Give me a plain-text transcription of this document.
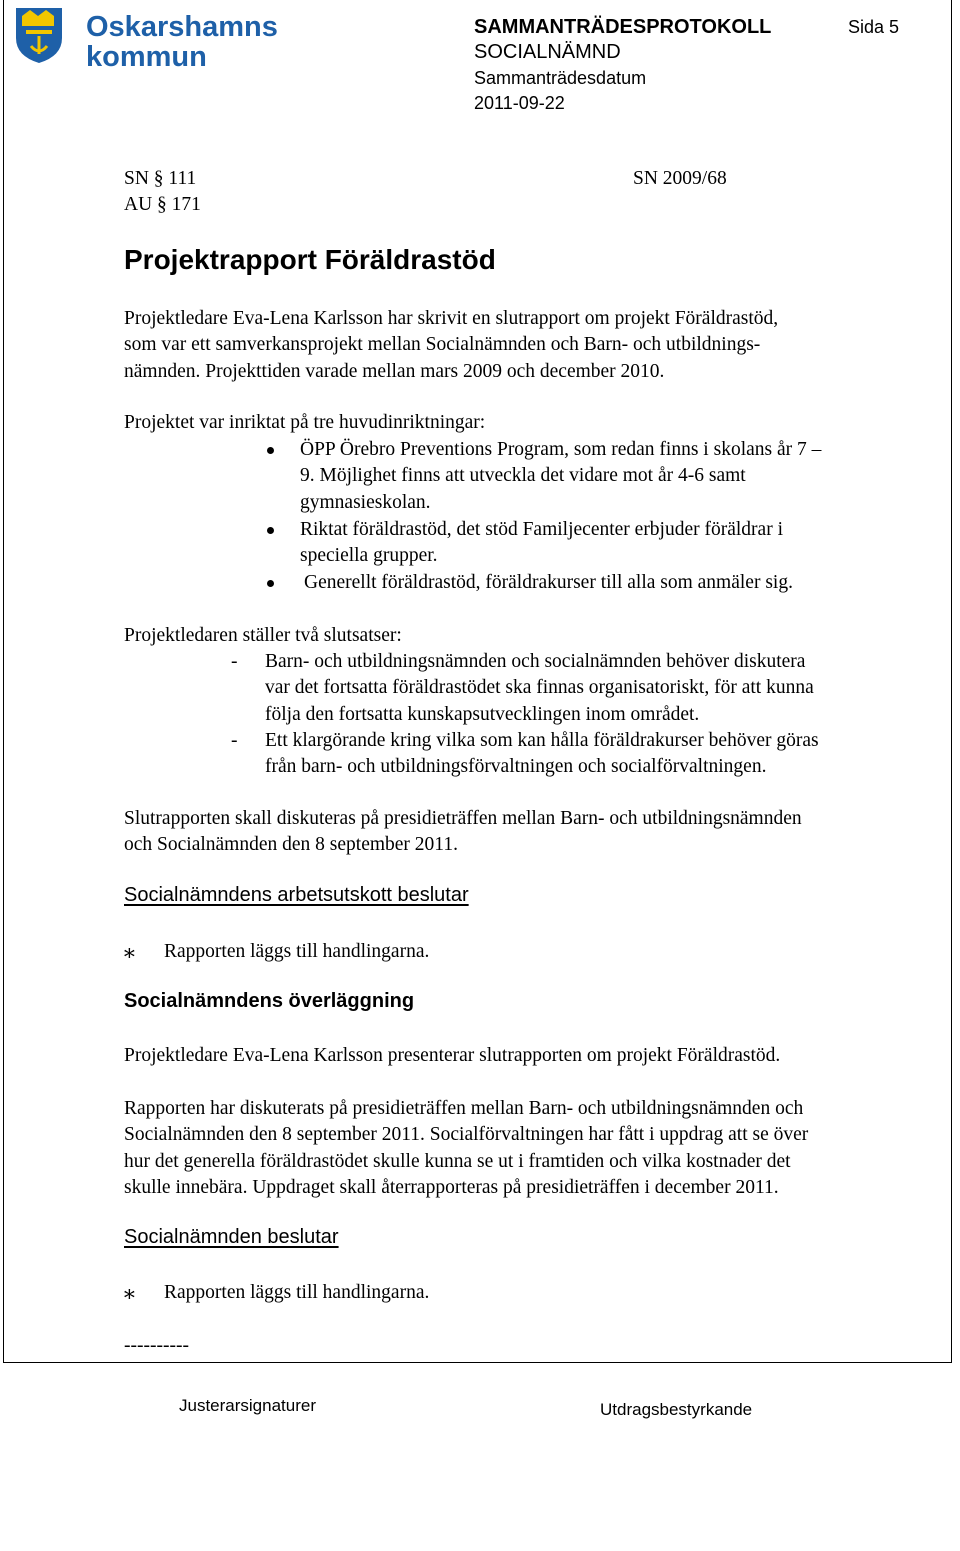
Oskarshamns
kommun
SAMMANTRÄDESPROTOKOLL	Sida 5
SOCIALNÄMND
Sammanträdesdatum
2011-09-22
SN § 111	SN 2009/68
AU § 171
Projektrapport Föräldrastöd
Projektledare Eva-Lena Karlsson har skrivit en slutrapport om projekt Föräldrastöd,
som var ett samverkansprojekt mellan Socialnämnden och Barn- och utbildnings-
nämnden. Projekttiden varade mellan mars 2009 och december 2010.
Projektet var inriktat på tre huvudinriktningar:
ÖPP Örebro Preventions Program, som redan finns i skolans år 7 –
9. Möjlighet finns att utveckla det vidare mot år 4-6 samt
gymnasieskolan.
Riktat föräldrastöd, det stöd Familjecenter erbjuder föräldrar i
speciella grupper.
Generellt föräldrastöd, föräldrakurser till alla som anmäler sig.
Projektledaren ställer två slutsatser:
- Barn- och utbildningsnämnden och socialnämnden behöver diskutera
var det fortsatta föräldrastödet ska finnas organisatoriskt, för att kunna
följa den fortsatta kunskapsutvecklingen inom området.
- Ett klargörande kring vilka som kan hålla föräldrakurser behöver göras
från barn- och utbildningsförvaltningen och socialförvaltningen.
Slutrapporten skall diskuteras på presidieträffen mellan Barn- och utbildningsnämnden
och Socialnämnden den 8 september 2011.
Socialnämndens arbetsutskott beslutar
∗ Rapporten läggs till handlingarna.
Socialnämndens överläggning
Projektledare Eva-Lena Karlsson presenterar slutrapporten om projekt Föräldrastöd.
Rapporten har diskuterats på presidieträffen mellan Barn- och utbildningsnämnden och
Socialnämnden den 8 september 2011. Socialförvaltningen har fått i uppdrag att se över
hur det generella föräldrastödet skulle kunna se ut i framtiden och vilka kostnader det
skulle innebära. Uppdraget skall återrapporteras på presidieträffen i december 2011.
Socialnämnden beslutar
∗ Rapporten läggs till handlingarna.
----------
Justerarsignaturer	Utdragsbestyrkande
